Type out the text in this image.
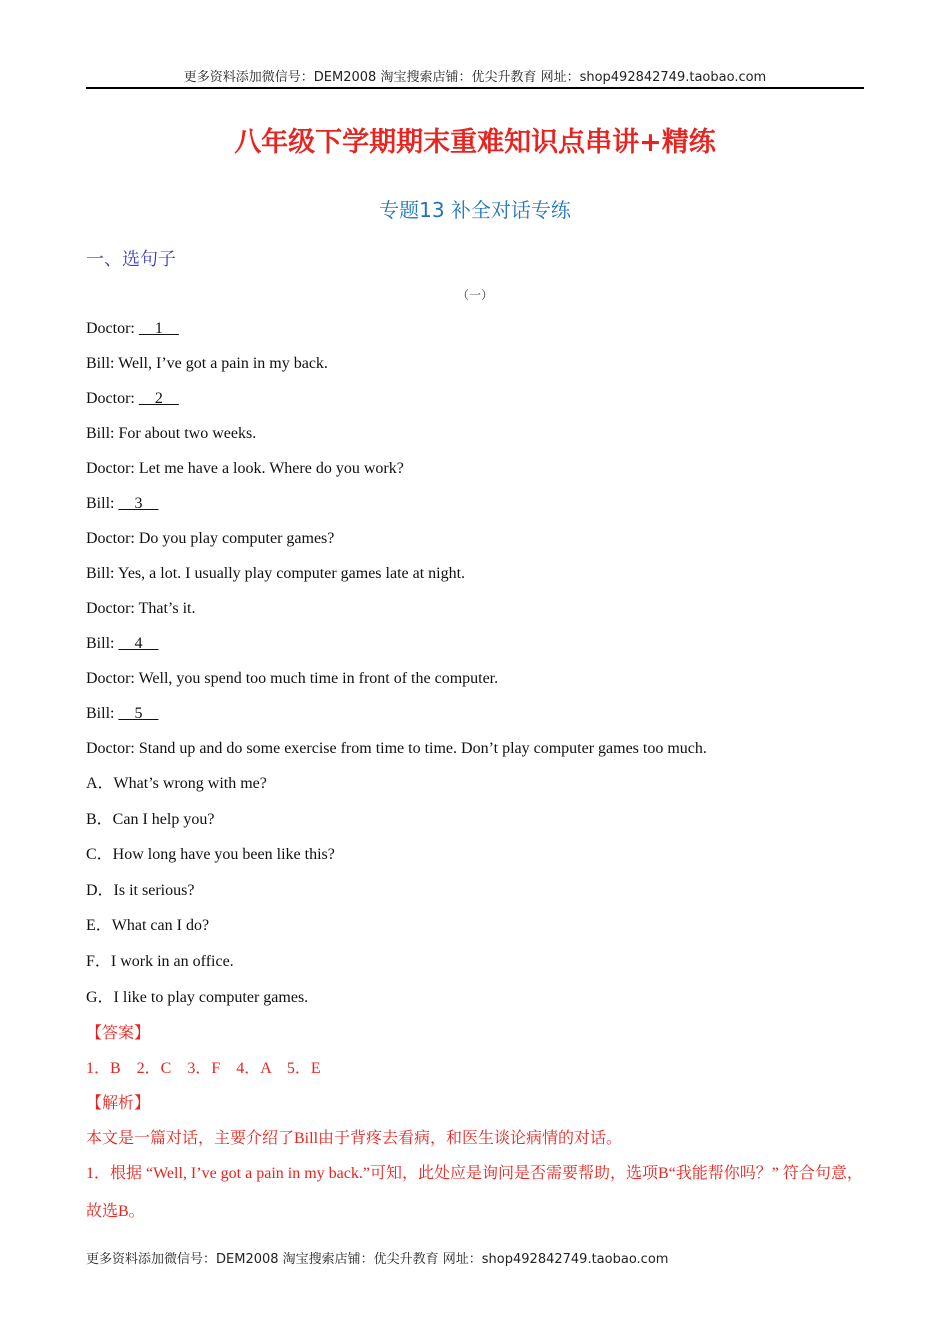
更多资料添加微信号：DEM2008 淘宝搜索店铺：优尖升教育 网址：shop492842749.taobao.com
八年级下学期期末重难知识点串讲+精练
专题13 补全对话专练
一、选句子
（一）
Doctor:     1
Bill: Well, I’ve got a pain in my back.
Doctor:     2
Bill: For about two weeks.
Doctor: Let me have a look. Where do you work?
Bill:     3
Doctor: Do you play computer games?
Bill: Yes, a lot. I usually play computer games late at night.
Doctor: That’s it.
Bill:     4
Doctor: Well, you spend too much time in front of the computer.
Bill:     5
Doctor: Stand up and do some exercise from time to time. Don’t play computer games too much.
A．What’s wrong with me?
B．Can I help you?
C．How long have you been like this?
D．Is it serious?
E．What can I do?
F．I work in an office.
G．I like to play computer games.
【答案】
1．B    2．C    3．F    4．A    5．E
【解析】
本文是一篇对话，主要介绍了Bill由于背疼去看病，和医生谈论病情的对话。
1．根据 “Well, I’ve got a pain in my back.”可知，此处应是询问是否需要帮助，选项B“我能帮你吗？” 符合句意，故选B。
更多资料添加微信号：DEM2008 淘宝搜索店铺：优尖升教育 网址：shop492842749.taobao.com
